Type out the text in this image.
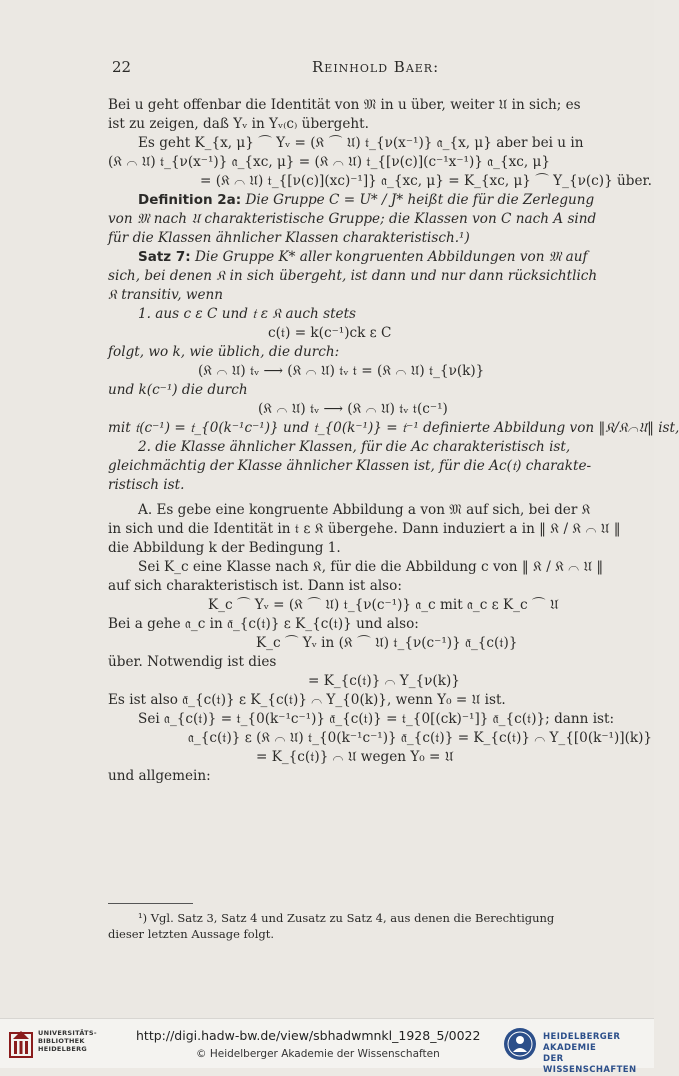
22	Reinhold Baer:
Bei u geht offenbar die Identität von 𝔐 in u über, weiter 𝔘 in sich; es
ist zu zeigen, daß Yᵥ in Yᵥ₍c₎ übergeht.
Es geht K_{x, μ} ⌒ Yᵥ = (𝔎 ⌒ 𝔘) 𝔱_{ν(x⁻¹)} 𝔞_{x, μ} aber bei u in
(𝔎 ⌒ 𝔘) 𝔱_{ν(x⁻¹)} 𝔞_{xc, μ} = (𝔎 ⌒ 𝔘) 𝔱_{[ν(c)](c⁻¹x⁻¹)} 𝔞_{xc, μ}
= (𝔎 ⌒ 𝔘) 𝔱_{[ν(c)](xc)⁻¹]} 𝔞_{xc, μ} = K_{xc, μ} ⌒ Y_{ν(c)} über.
Definition 2a: Die Gruppe C = U* / J* heißt die für die Zerlegung
von 𝔐 nach 𝔘 charakteristische Gruppe; die Klassen von C nach A sind
für die Klassen ähnlicher Klassen charakteristisch.¹)
Satz 7: Die Gruppe K* aller kongruenten Abbildungen von 𝔐 auf
sich, bei denen 𝔎 in sich übergeht, ist dann und nur dann rücksichtlich
𝔎 transitiv, wenn
1. aus c ε C und 𝔱 ε 𝔎 auch stets
c(𝔱) = k(c⁻¹)ck ε C
folgt, wo k, wie üblich, die durch:
(𝔎 ⌒ 𝔘) 𝔱ᵥ ⟶ (𝔎 ⌒ 𝔘) 𝔱ᵥ 𝔱 = (𝔎 ⌒ 𝔘) 𝔱_{ν(k)}
und k(c⁻¹) die durch
(𝔎 ⌒ 𝔘) 𝔱ᵥ ⟶ (𝔎 ⌒ 𝔘) 𝔱ᵥ 𝔱(c⁻¹)
mit 𝔱(c⁻¹) = 𝔱_{0(k⁻¹c⁻¹)} und 𝔱_{0(k⁻¹)} = 𝔱⁻¹ definierte Abbildung von ‖𝔎/𝔎⌒𝔘‖ ist,
2. die Klasse ähnlicher Klassen, für die Ac charakteristisch ist,
gleichmächtig der Klasse ähnlicher Klassen ist, für die Ac(𝔱) charakte-
ristisch ist.
A. Es gebe eine kongruente Abbildung a von 𝔐 auf sich, bei der 𝔎
in sich und die Identität in 𝔱 ε 𝔎 übergehe. Dann induziert a in ‖ 𝔎 / 𝔎 ⌒ 𝔘 ‖
die Abbildung k der Bedingung 1.
Sei K_c eine Klasse nach 𝔎, für die die Abbildung c von ‖ 𝔎 / 𝔎 ⌒ 𝔘 ‖
auf sich charakteristisch ist. Dann ist also:
K_c ⌒ Yᵥ = (𝔎 ⌒ 𝔘) 𝔱_{ν(c⁻¹)} 𝔞_c mit 𝔞_c ε K_c ⌒ 𝔘
Bei a gehe 𝔞_c in 𝔞̄_{c(𝔱)} ε K_{c(𝔱)} und also:
K_c ⌒ Yᵥ in (𝔎 ⌒ 𝔘) 𝔱_{ν(c⁻¹)} 𝔞̄_{c(𝔱)}
über. Notwendig ist dies
= K_{c(𝔱)} ⌒ Y_{ν(k)}
Es ist also 𝔞̄_{c(𝔱)} ε K_{c(𝔱)} ⌒ Y_{0(k)}, wenn Y₀ = 𝔘 ist.
Sei 𝔞_{c(𝔱)} = 𝔱_{0(k⁻¹c⁻¹)} 𝔞̄_{c(𝔱)} = 𝔱_{0[(ck)⁻¹]} 𝔞̄_{c(𝔱)}; dann ist:
𝔞_{c(𝔱)} ε (𝔎 ⌒ 𝔘) 𝔱_{0(k⁻¹c⁻¹)} 𝔞̄_{c(𝔱)} = K_{c(𝔱)} ⌒ Y_{[0(k⁻¹)](k)}
= K_{c(𝔱)} ⌒ 𝔘 wegen Y₀ = 𝔘
und allgemein:
¹) Vgl. Satz 3, Satz 4 und Zusatz zu Satz 4, aus denen die Berechtigung
dieser letzten Aussage folgt.
UNIVERSITÄTS-
BIBLIOTHEK
HEIDELBERG
http://digi.hadw-bw.de/view/sbhadwmnkl_1928_5/0022
© Heidelberger Akademie der Wissenschaften
HEIDELBERGER AKADEMIE
DER WISSENSCHAFTEN
